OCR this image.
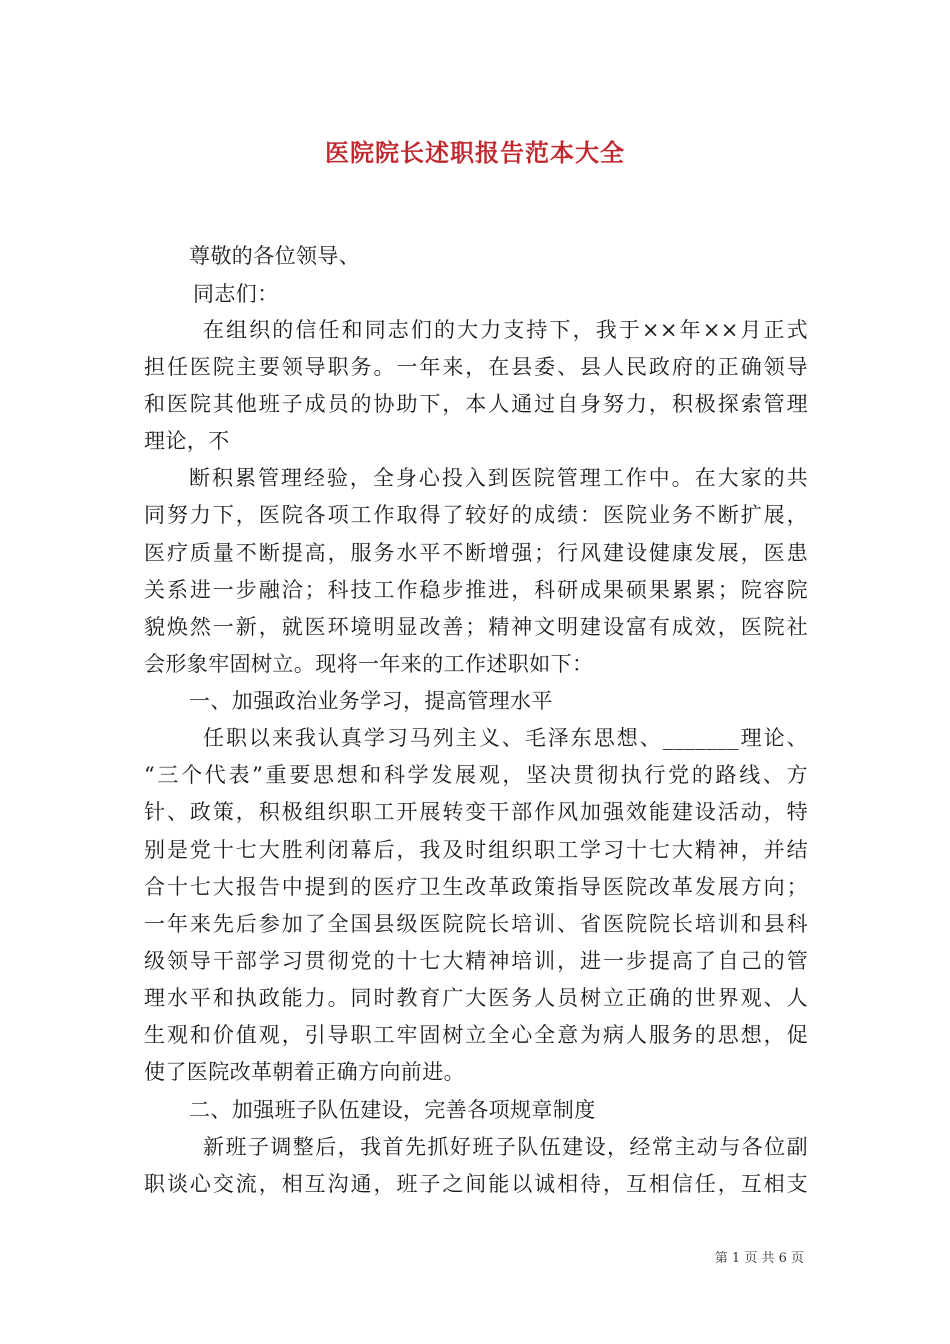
医院院长述职报告范本大全
尊敬的各位领导、
同志们：
在组织的信任和同志们的大力支持下，我于××年××月正式
担任医院主要领导职务。一年来，在县委、县人民政府的正确领导
和医院其他班子成员的协助下，本人通过自身努力，积极探索管理
理论，不
断积累管理经验，全身心投入到医院管理工作中。在大家的共
同努力下，医院各项工作取得了较好的成绩：医院业务不断扩展，
医疗质量不断提高，服务水平不断增强；行风建设健康发展，医患
关系进一步融洽；科技工作稳步推进，科研成果硕果累累；院容院
貌焕然一新，就医环境明显改善；精神文明建设富有成效，医院社
会形象牢固树立。现将一年来的工作述职如下：
一、加强政治业务学习，提高管理水平
任职以来我认真学习马列主义、毛泽东思想、_______理论、
“三个代表”重要思想和科学发展观，坚决贯彻执行党的路线、方
针、政策，积极组织职工开展转变干部作风加强效能建设活动，特
别是党十七大胜利闭幕后，我及时组织职工学习十七大精神，并结
合十七大报告中提到的医疗卫生改革政策指导医院改革发展方向；
一年来先后参加了全国县级医院院长培训、省医院院长培训和县科
级领导干部学习贯彻党的十七大精神培训，进一步提高了自己的管
理水平和执政能力。同时教育广大医务人员树立正确的世界观、人
生观和价值观，引导职工牢固树立全心全意为病人服务的思想，促
使了医院改革朝着正确方向前进。
二、加强班子队伍建设，完善各项规章制度
新班子调整后，我首先抓好班子队伍建设，经常主动与各位副
职谈心交流，相互沟通，班子之间能以诚相待，互相信任，互相支
第 1 页 共 6 页
